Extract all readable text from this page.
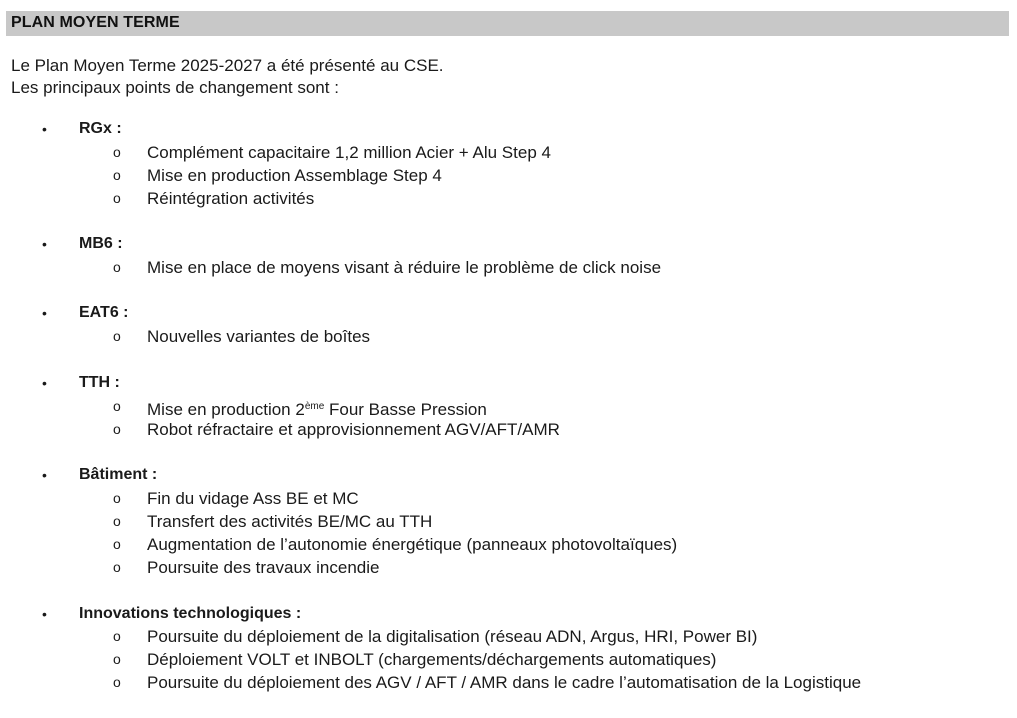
PLAN MOYEN TERME
Le Plan Moyen Terme 2025-2027 a été présenté au CSE.
Les principaux points de changement sont :
• RGx :
o Complément capacitaire 1,2 million Acier + Alu Step 4
o Mise en production Assemblage Step 4
o Réintégration activités
• MB6 :
o Mise en place de moyens visant à réduire le problème de click noise
• EAT6 :
o Nouvelles variantes de boîtes
• TTH :
o Mise en production 2ème Four Basse Pression
o Robot réfractaire et approvisionnement AGV/AFT/AMR
• Bâtiment :
o Fin du vidage Ass BE et MC
o Transfert des activités BE/MC au TTH
o Augmentation de l’autonomie énergétique (panneaux photovoltaïques)
o Poursuite des travaux incendie
• Innovations technologiques :
o Poursuite du déploiement de la digitalisation (réseau ADN, Argus, HRI, Power BI)
o Déploiement VOLT et INBOLT (chargements/déchargements automatiques)
o Poursuite du déploiement des AGV / AFT / AMR dans le cadre l’automatisation de la Logistique
